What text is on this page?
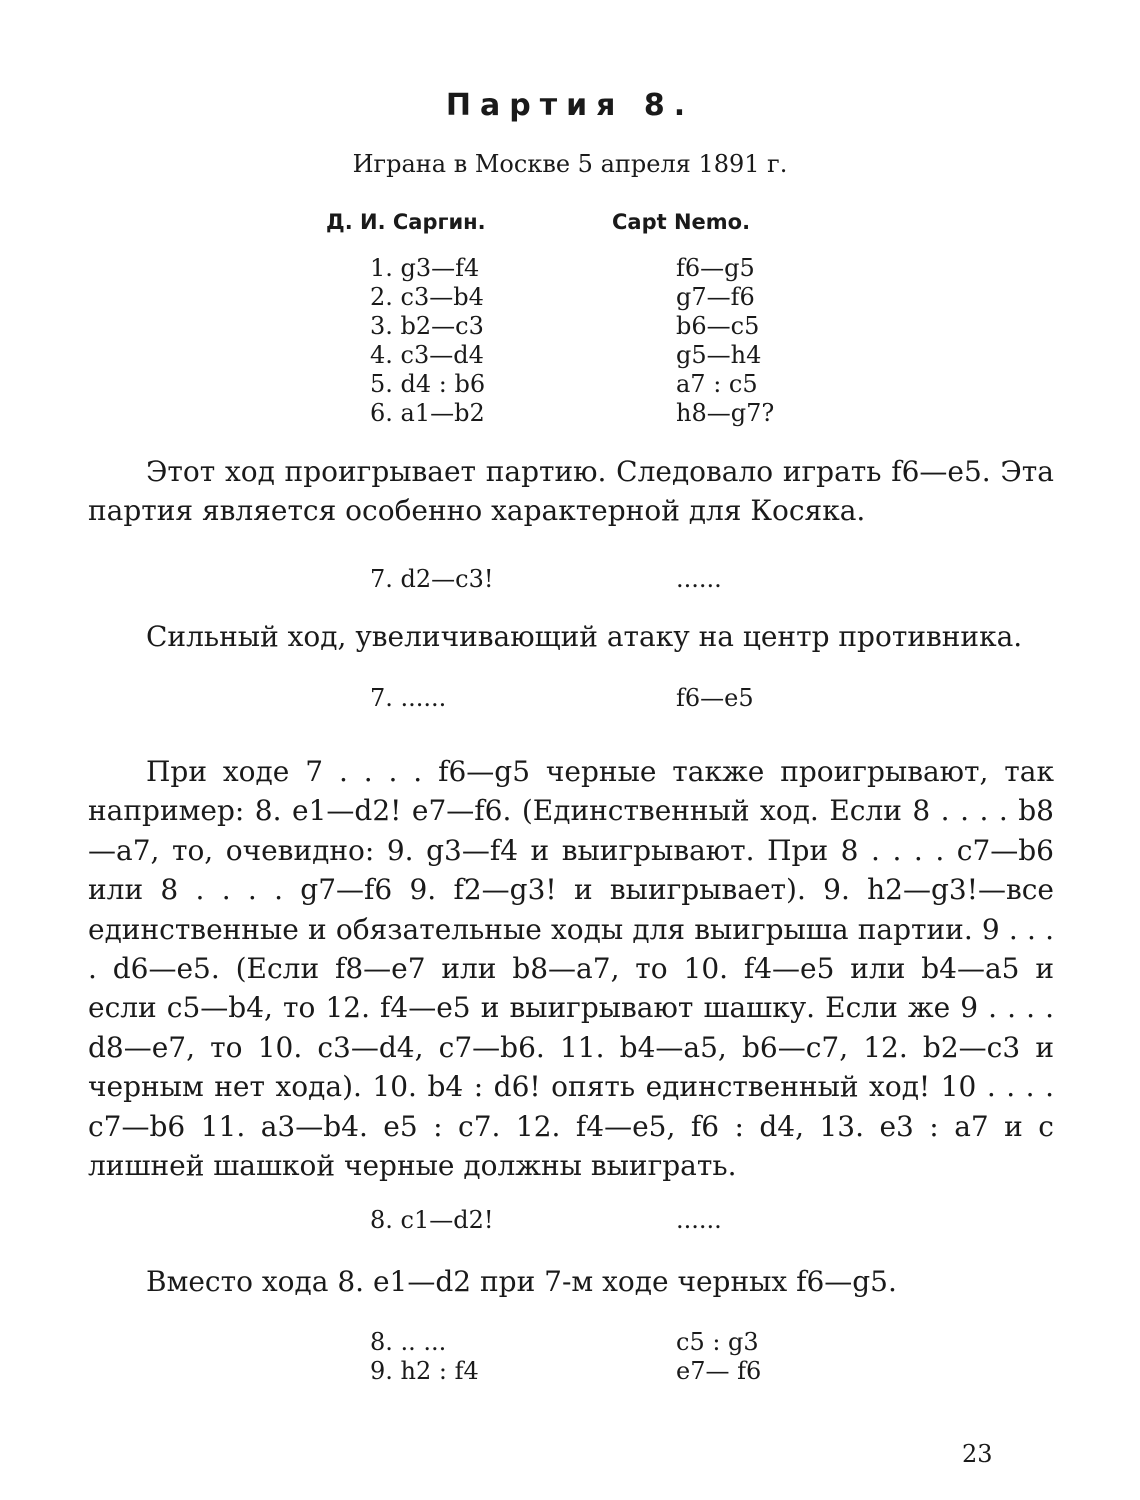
Партия 8.
Играна в Москве 5 апреля 1891 г.
Д. И. Саргин.	Capt Nemo.
1. g3—f4	f6—g5
2. c3—b4	g7—f6
3. b2—c3	b6—c5
4. c3—d4	g5—h4
5. d4 : b6	a7 : c5
6. a1—b2	h8—g7?

Этот ход проигрывает партию. Следовало играть f6—e5. Эта партия является особенно характерной для Косяка.

7. d2—c3!	......

Сильный ход, увеличивающий атаку на центр противника.

7. ......	f6—e5

При ходе 7 . . . . f6—g5 черные также проигрывают, так например: 8. e1—d2! e7—f6. (Единственный ход. Если 8 . . . . b8—a7, то, очевидно: 9. g3—f4 и выигрывают. При 8 . . . . c7—b6 или 8 . . . . g7—f6 9. f2—g3! и выигрывает). 9. h2—g3!—все единственные и обязательные ходы для выигрыша партии. 9 . . . . d6—e5. (Если f8—e7 или b8—a7, то 10. f4—e5 или b4—a5 и если c5—b4, то 12. f4—e5 и выигрывают шашку. Если же 9 . . . . d8—e7, то 10. c3—d4, c7—b6. 11. b4—a5, b6—c7, 12. b2—c3 и черным нет хода). 10. b4 : d6! опять единственный ход! 10 . . . . c7—b6 11. a3—b4. e5 : c7. 12. f4—e5, f6 : d4, 13. e3 : a7 и с лишней шашкой черные должны выиграть.

8. c1—d2!	......

Вместо хода 8. e1—d2 при 7-м ходе черных f6—g5.

8. .. ...	c5 : g3
9. h2 : f4	e7— f6
23
